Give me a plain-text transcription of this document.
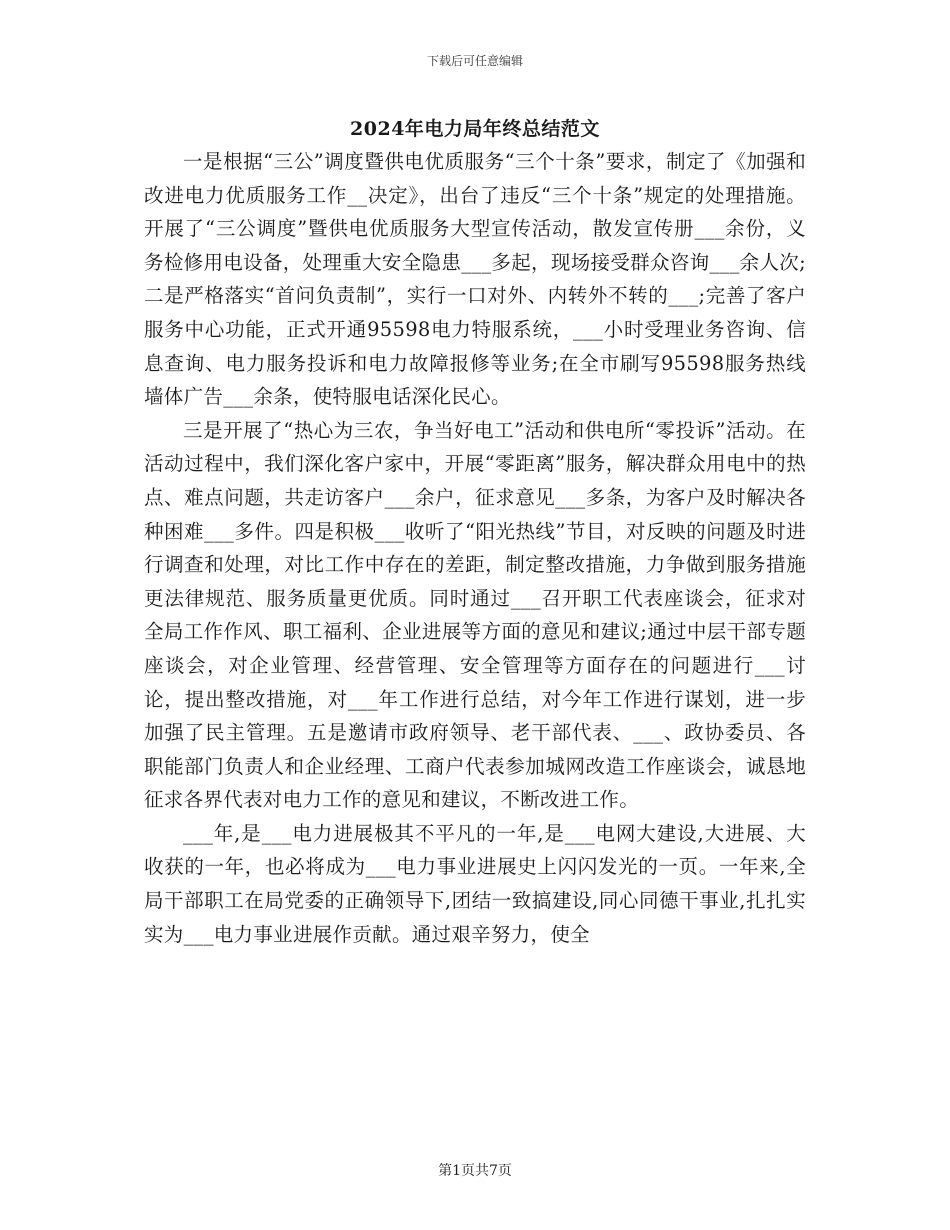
下载后可任意编辑
2024年电力局年终总结范文

一是根据“三公”调度暨供电优质服务“三个十条”要求，制定了《加强和改进电力优质服务工作__决定》，出台了违反“三个十条”规定的处理措施。开展了“三公调度”暨供电优质服务大型宣传活动，散发宣传册___余份，义务检修用电设备，处理重大安全隐患___多起，现场接受群众咨询___余人次;二是严格落实“首问负责制”，实行一口对外、内转外不转的___;完善了客户服务中心功能，正式开通95598电力特服系统，___小时受理业务咨询、信息查询、电力服务投诉和电力故障报修等业务;在全市刷写95598服务热线墙体广告___余条，使特服电话深化民心。

三是开展了“热心为三农，争当好电工”活动和供电所“零投诉”活动。在活动过程中，我们深化客户家中，开展“零距离”服务，解决群众用电中的热点、难点问题，共走访客户___余户，征求意见___多条，为客户及时解决各种困难___多件。四是积极___收听了“阳光热线”节目，对反映的问题及时进行调查和处理，对比工作中存在的差距，制定整改措施，力争做到服务措施更法律规范、服务质量更优质。同时通过___召开职工代表座谈会，征求对全局工作作风、职工福利、企业进展等方面的意见和建议;通过中层干部专题座谈会，对企业管理、经营管理、安全管理等方面存在的问题进行___讨论，提出整改措施，对___年工作进行总结，对今年工作进行谋划，进一步加强了民主管理。五是邀请市政府领导、老干部代表、___、政协委员、各职能部门负责人和企业经理、工商户代表参加城网改造工作座谈会，诚恳地征求各界代表对电力工作的意见和建议，不断改进工作。

___年,是___电力进展极其不平凡的一年,是___电网大建设,大进展、大收获的一年，也必将成为___电力事业进展史上闪闪发光的一页。一年来,全局干部职工在局党委的正确领导下,团结一致搞建设,同心同德干事业,扎扎实实为___电力事业进展作贡献。通过艰辛努力，使全

第1页共7页
